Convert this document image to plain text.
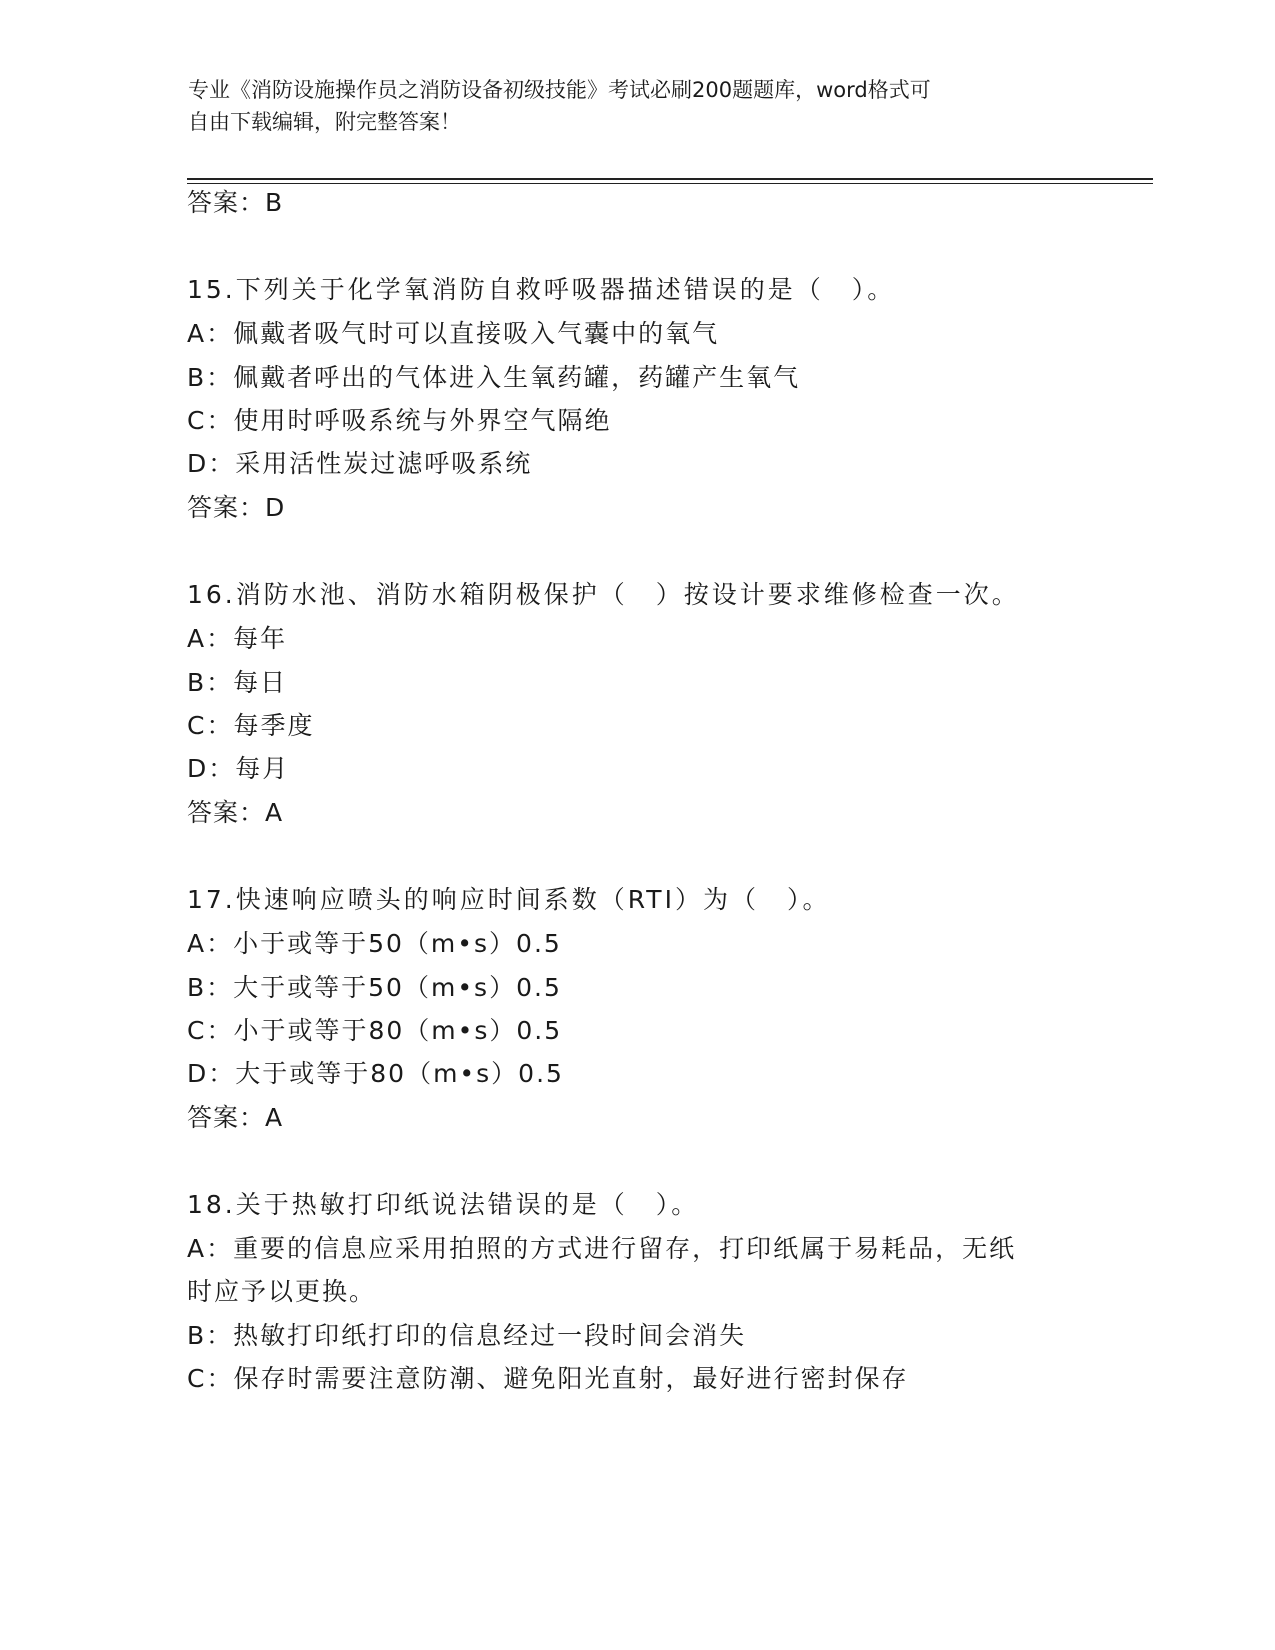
专业《消防设施操作员之消防设备初级技能》考试必刷200题题库，word格式可
自由下载编辑，附完整答案！
答案：B
15.下列关于化学氧消防自救呼吸器描述错误的是（　）。
A：佩戴者吸气时可以直接吸入气囊中的氧气
B：佩戴者呼出的气体进入生氧药罐，药罐产生氧气
C：使用时呼吸系统与外界空气隔绝
D：采用活性炭过滤呼吸系统
答案：D
16.消防水池、消防水箱阴极保护（　）按设计要求维修检查一次。
A：每年
B：每日
C：每季度
D：每月
答案：A
17.快速响应喷头的响应时间系数（RTI）为（　）。
A：小于或等于50（m•s）0.5
B：大于或等于50（m•s）0.5
C：小于或等于80（m•s）0.5
D：大于或等于80（m•s）0.5
答案：A
18.关于热敏打印纸说法错误的是（　）。
A：重要的信息应采用拍照的方式进行留存，打印纸属于易耗品，无纸
时应予以更换。
B：热敏打印纸打印的信息经过一段时间会消失
C：保存时需要注意防潮、避免阳光直射，最好进行密封保存
